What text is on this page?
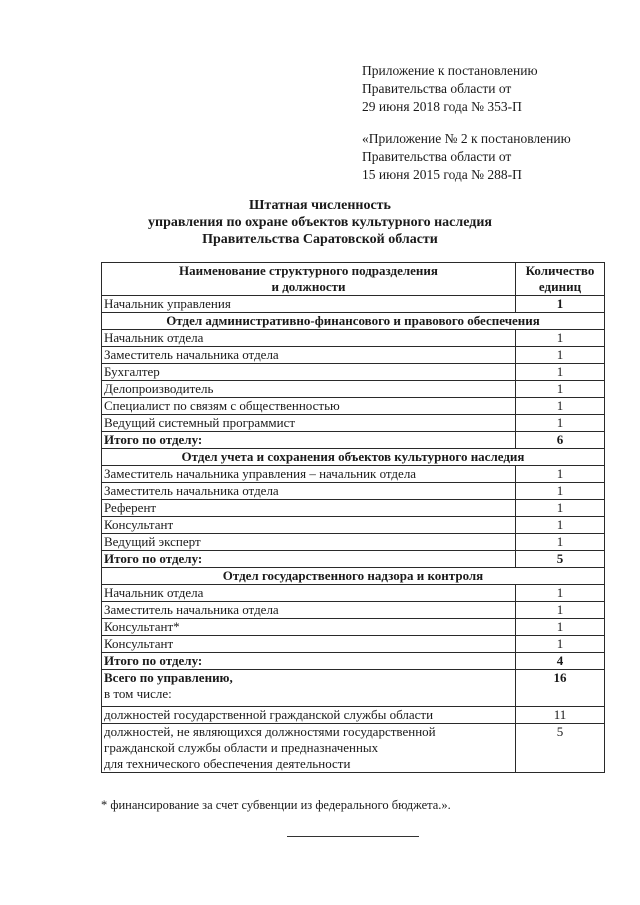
Приложение к постановлению
Правительства области от
29 июня 2018 года № 353-П
«Приложение № 2 к постановлению
Правительства области от
15 июня 2015 года № 288-П
Штатная численность
управления по охране объектов культурного наследия
Правительства Саратовской области
Наименование структурного подразделения
и должности	Количество
единиц
Начальник управления	1
Отдел административно-финансового и правового обеспечения	
Начальник отдела	1
Заместитель начальника отдела	1
Бухгалтер	1
Делопроизводитель	1
Специалист по связям с общественностью	1
Ведущий системный программист	1
Итого по отделу:	6
Отдел учета и сохранения объектов культурного наследия	
Заместитель начальника управления – начальник отдела	1
Заместитель начальника отдела	1
Референт	1
Консультант	1
Ведущий эксперт	1
Итого по отделу:	5
Отдел государственного надзора и контроля	
Начальник отдела	1
Заместитель начальника отдела	1
Консультант*	1
Консультант	1
Итого по отделу:	4
Всего по управлению,
в том числе:	16
должностей государственной гражданской службы области	11
должностей, не являющихся должностями государственной
гражданской службы области и предназначенных
для технического обеспечения деятельности	5
* финансирование за счет субвенции из федерального бюджета.».
